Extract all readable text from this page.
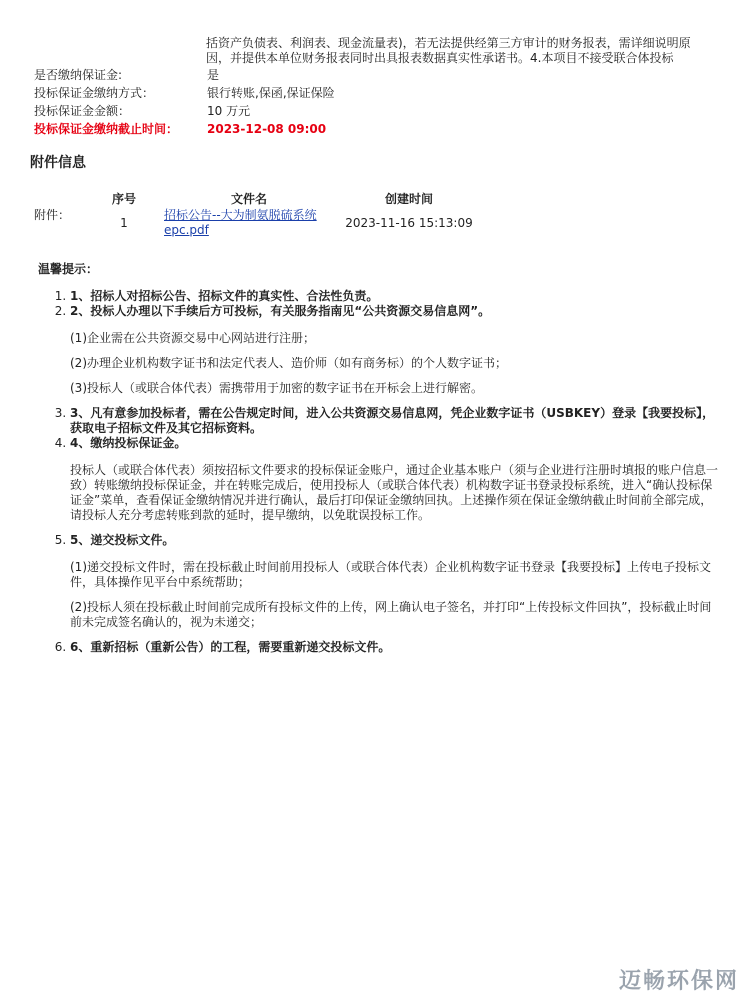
括资产负债表、利润表、现金流量表)，若无法提供经第三方审计的财务报表，需详细说明原因，并提供本单位财务报表同时出具报表数据真实性承诺书。4.本项目不接受联合体投标

是否缴纳保证金:	是
投标保证金缴纳方式：	银行转账,保函,保证保险
投标保证金金额：	10 万元
投标保证金缴纳截止时间： 2023-12-08 09:00
附件信息
附件：
序号	文件名	创建时间
1	招标公告--大为制氨脱硫系统epc.pdf	2023-11-16 15:13:09
温馨提示：
1. 1、招标人对招标公告、招标文件的真实性、合法性负责。
2. 2、投标人办理以下手续后方可投标，有关服务指南见“公共资源交易信息网”。

(1)企业需在公共资源交易中心网站进行注册；

(2)办理企业机构数字证书和法定代表人、造价师（如有商务标）的个人数字证书；

(3)投标人（或联合体代表）需携带用于加密的数字证书在开标会上进行解密。

3. 3、凡有意参加投标者，需在公告规定时间，进入公共资源交易信息网，凭企业数字证书（USBKEY）登录【我要投标】，获取电子招标文件及其它招标资料。
4. 4、缴纳投标保证金。

投标人（或联合体代表）须按招标文件要求的投标保证金账户，通过企业基本账户（须与企业进行注册时填报的账户信息一致）转账缴纳投标保证金，并在转账完成后，使用投标人（或联合体代表）机构数字证书登录投标系统，进入“确认投标保证金”菜单，查看保证金缴纳情况并进行确认，最后打印保证金缴纳回执。上述操作须在保证金缴纳截止时间前全部完成，请投标人充分考虑转账到款的延时，提早缴纳，以免耽误投标工作。

5. 5、递交投标文件。

(1)递交投标文件时，需在投标截止时间前用投标人（或联合体代表）企业机构数字证书登录【我要投标】上传电子投标文件，具体操作见平台中系统帮助；

(2)投标人须在投标截止时间前完成所有投标文件的上传，网上确认电子签名，并打印“上传投标文件回执”，投标截止时间前未完成签名确认的，视为未递交；

6. 6、重新招标（重新公告）的工程，需要重新递交投标文件。
迈畅环保网
